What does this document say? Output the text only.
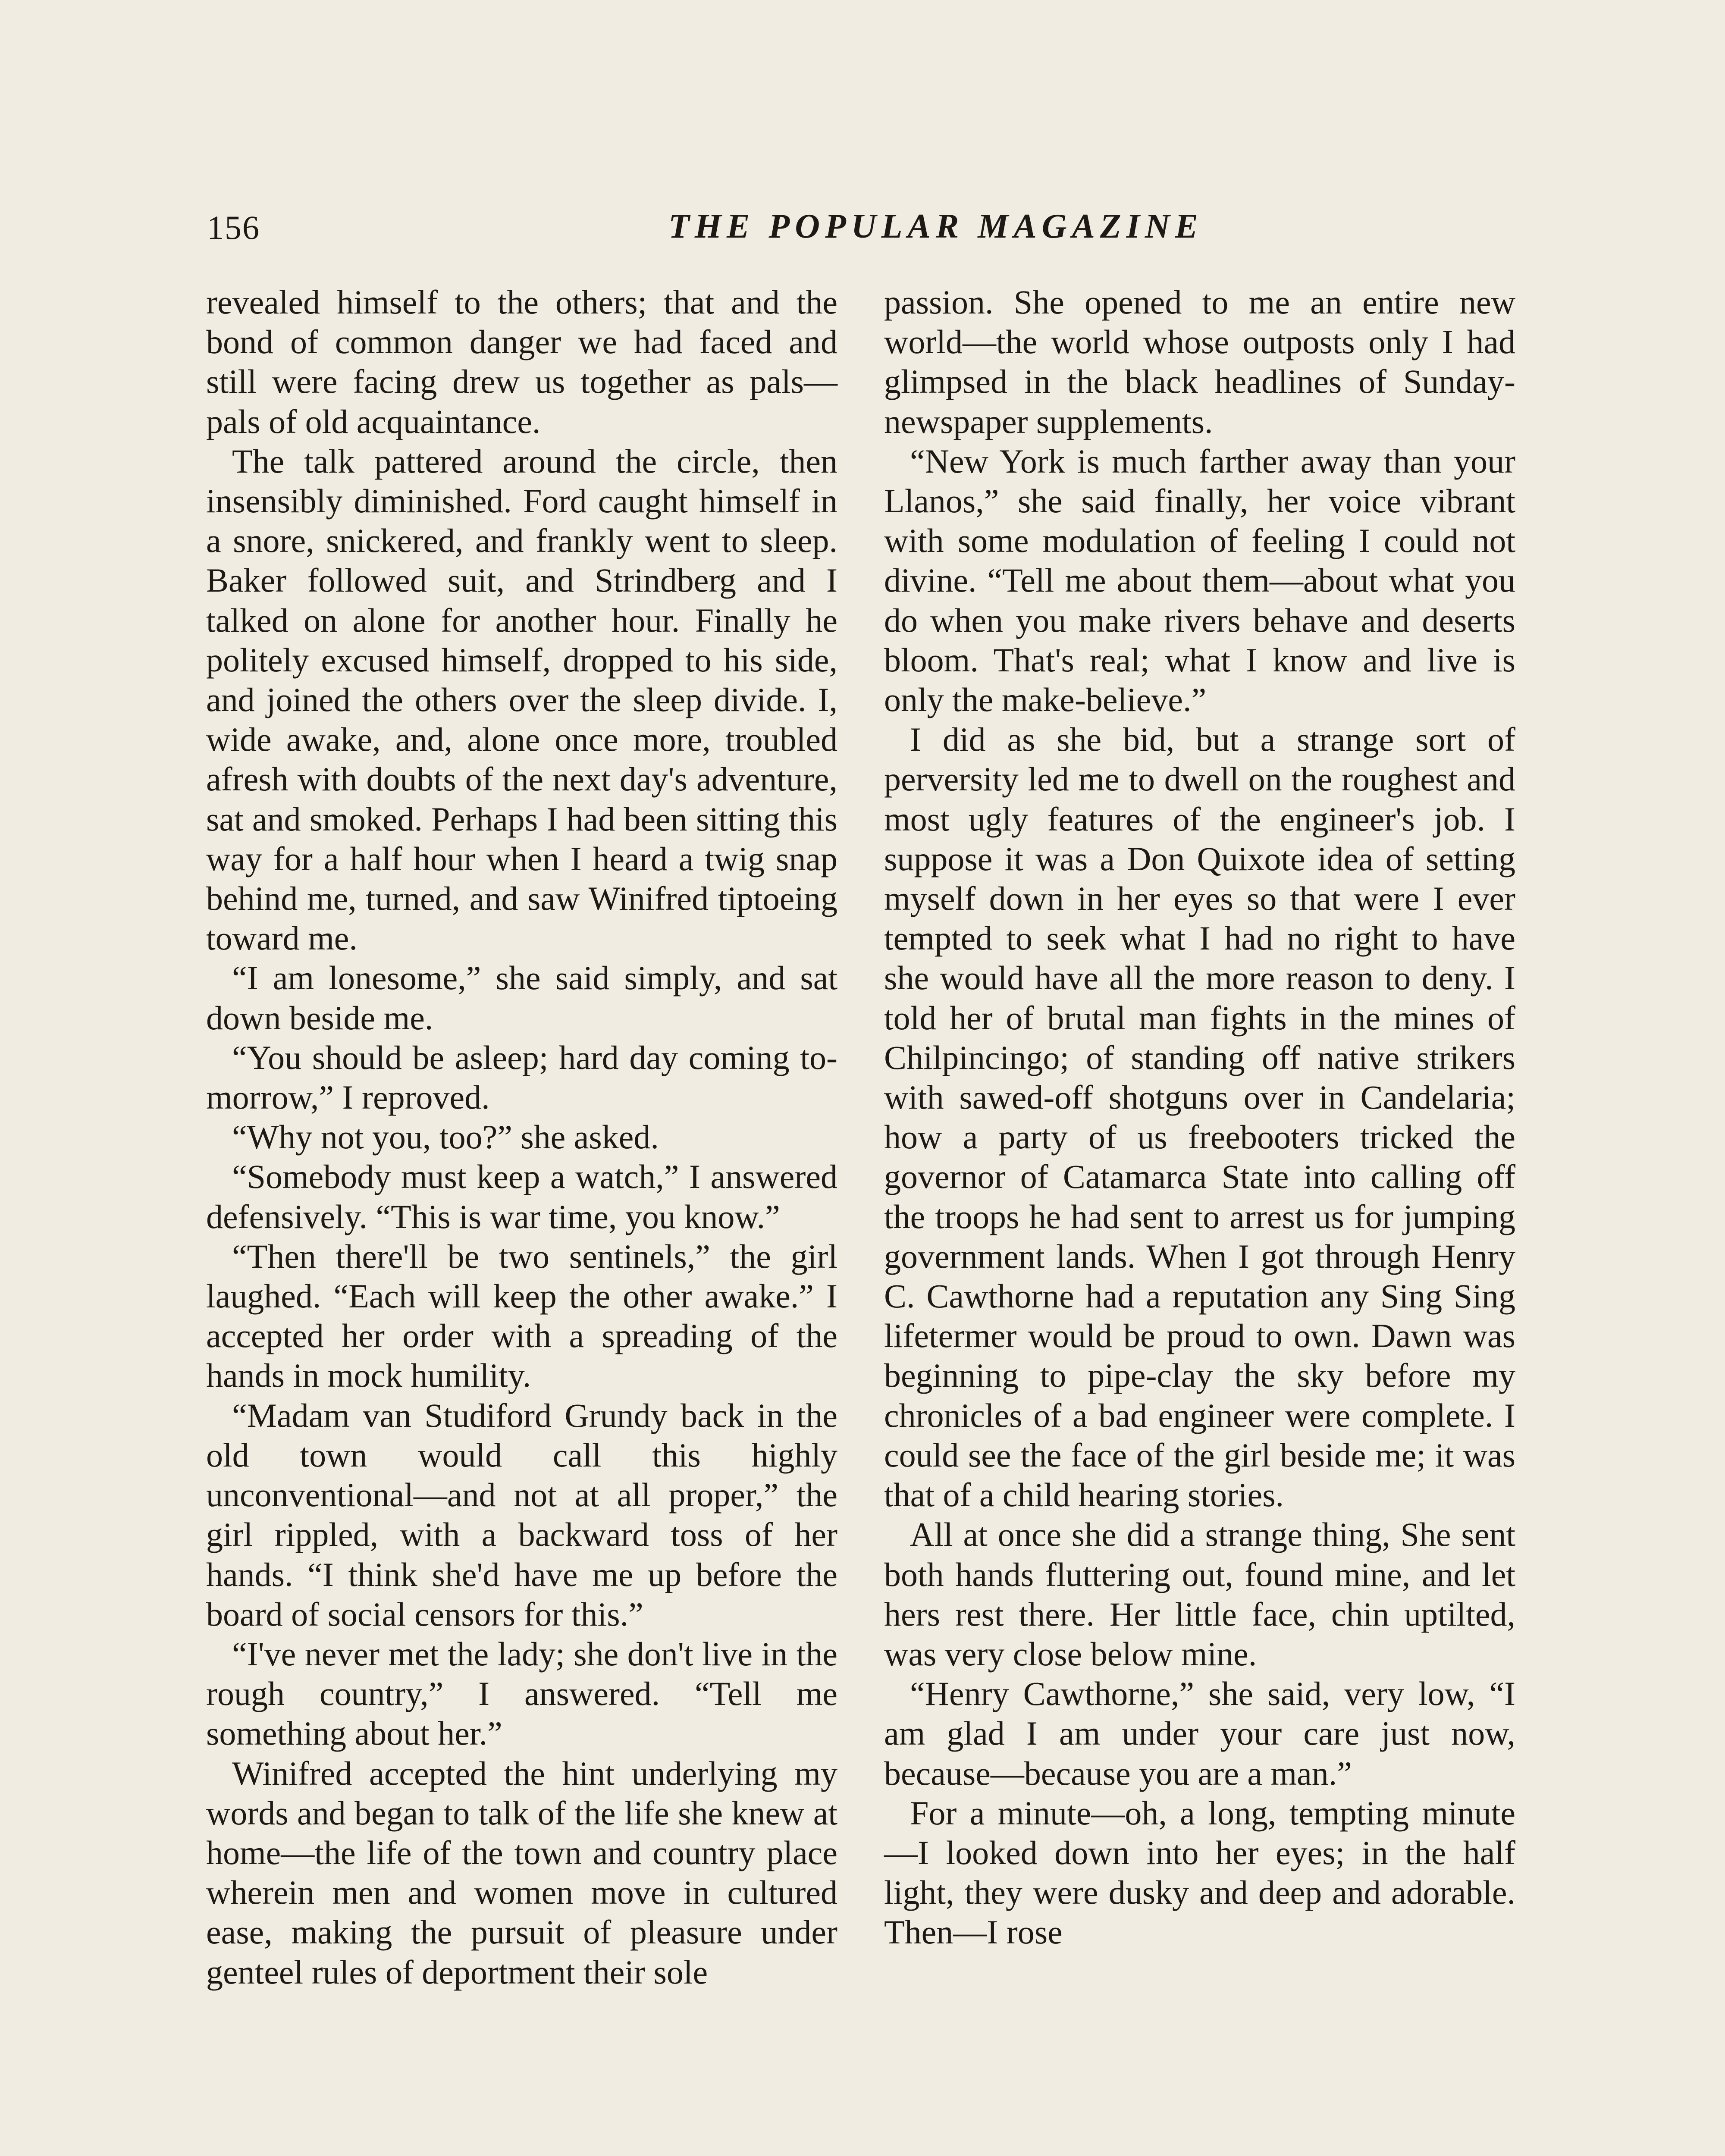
156	THE POPULAR MAGAZINE

revealed himself to the others; that and the bond of common danger we had faced and still were facing drew us together as pals—pals of old acquaintance.

The talk pattered around the circle, then insensibly diminished. Ford caught himself in a snore, snickered, and frankly went to sleep. Baker followed suit, and Strindberg and I talked on alone for another hour. Finally he politely excused himself, dropped to his side, and joined the others over the sleep divide. I, wide awake, and, alone once more, troubled afresh with doubts of the next day's adventure, sat and smoked. Perhaps I had been sitting this way for a half hour when I heard a twig snap behind me, turned, and saw Winifred tiptoeing toward me.

“I am lonesome,” she said simply, and sat down beside me.

“You should be asleep; hard day coming to-morrow,” I reproved.

“Why not you, too?” she asked.

“Somebody must keep a watch,” I answered defensively. “This is war time, you know.”

“Then there'll be two sentinels,” the girl laughed. “Each will keep the other awake.” I accepted her order with a spreading of the hands in mock humility.

“Madam van Studiford Grundy back in the old town would call this highly unconventional—and not at all proper,” the girl rippled, with a backward toss of her hands. “I think she'd have me up before the board of social censors for this.”

“I've never met the lady; she don't live in the rough country,” I answered. “Tell me something about her.”

Winifred accepted the hint underlying my words and began to talk of the life she knew at home—the life of the town and country place wherein men and women move in cultured ease, making the pursuit of pleasure under genteel rules of deportment their sole

passion. She opened to me an entire new world—the world whose outposts only I had glimpsed in the black headlines of Sunday-newspaper supplements.

“New York is much farther away than your Llanos,” she said finally, her voice vibrant with some modulation of feeling I could not divine. “Tell me about them—about what you do when you make rivers behave and deserts bloom. That's real; what I know and live is only the make-believe.”

I did as she bid, but a strange sort of perversity led me to dwell on the roughest and most ugly features of the engineer's job. I suppose it was a Don Quixote idea of setting myself down in her eyes so that were I ever tempted to seek what I had no right to have she would have all the more reason to deny. I told her of brutal man fights in the mines of Chilpincingo; of standing off native strikers with sawed-off shotguns over in Candelaria; how a party of us freebooters tricked the governor of Catamarca State into calling off the troops he had sent to arrest us for jumping government lands. When I got through Henry C. Cawthorne had a reputation any Sing Sing lifetermer would be proud to own. Dawn was beginning to pipe-clay the sky before my chronicles of a bad engineer were complete. I could see the face of the girl beside me; it was that of a child hearing stories.

All at once she did a strange thing, She sent both hands fluttering out, found mine, and let hers rest there. Her little face, chin uptilted, was very close below mine.

“Henry Cawthorne,” she said, very low, “I am glad I am under your care just now, because—because you are a man.”

For a minute—oh, a long, tempting minute—I looked down into her eyes; in the half light, they were dusky and deep and adorable. Then—I rose
